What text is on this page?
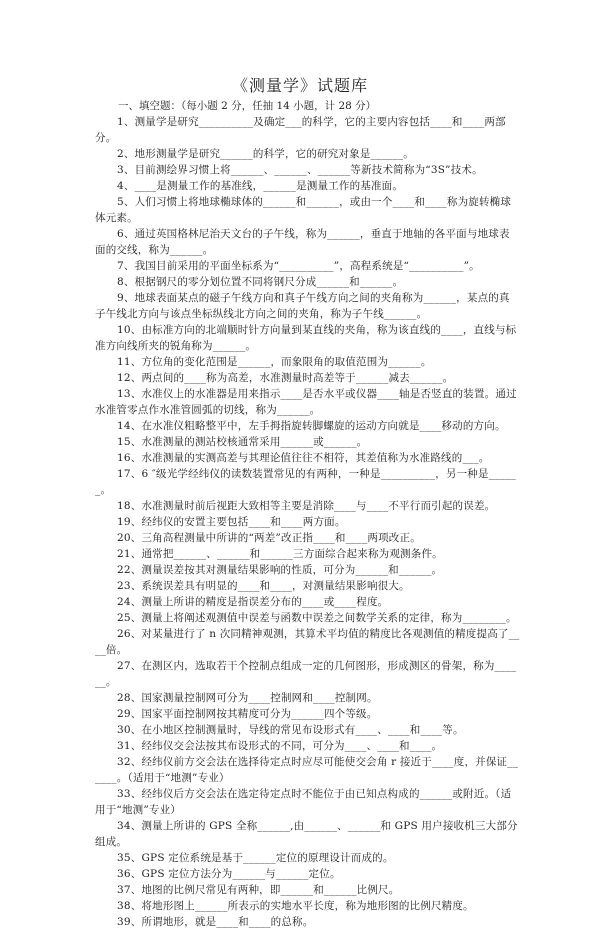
《测量学》试题库
一、填空题：（每小题 2 分，任抽 14 小题，计 28 分）

1、测量学是研究__________及确定___的科学，它的主要内容包括____和____两部分。

2、地形测量学是研究______的科学，它的研究对象是______。

3、目前测绘界习惯上将______、______、______等新技术简称为“3S”技术。

4、____是测量工作的基准线，______是测量工作的基准面。

5、人们习惯上将地球椭球体的______和______，或由一个____和____称为旋转椭球体元素。

6、通过英国格林尼治天文台的子午线，称为______，垂直于地轴的各平面与地球表面的交线，称为______。

7、我国目前采用的平面坐标系为“__________”，高程系统是“__________”。

8、根据钢尺的零分划位置不同将钢尺分成______和______。

9、地球表面某点的磁子午线方向和真子午线方向之间的夹角称为______，某点的真子午线北方向与该点坐标纵线北方向之间的夹角，称为子午线______。

10、由标准方向的北端顺时针方向量到某直线的夹角，称为该直线的____，直线与标准方向线所夹的锐角称为______。

11、方位角的变化范围是______，而象限角的取值范围为______。

12、两点间的____称为高差，水准测量时高差等于______减去______。

13、水准仪上的水准器是用来指示____是否水平或仪器____轴是否竖直的装置。通过水准管零点作水准管圆弧的切线，称为______。

14、在水准仪粗略整平中，左手拇指旋转脚螺旋的运动方向就是____移动的方向。

15、水准测量的测站校核通常采用______或______。

16、水准测量的实测高差与其理论值往往不相符，其差值称为水准路线的___。

17、6 ″级光学经纬仪的读数装置常见的有两种，一种是__________，另一种是______。

18、水准测量时前后视距大致相等主要是消除____与____不平行而引起的误差。

19、经纬仪的安置主要包括____和____两方面。

20、三角高程测量中所讲的“两差”改正指____和____两项改正。

21、通常把______、______和______三方面综合起来称为观测条件。

22、测量误差按其对测量结果影响的性质，可分为______和______。

23、系统误差具有明显的____和____，对测量结果影响很大。

24、测量上所讲的精度是指误差分布的____或____程度。

25、测量上将阐述观测值中误差与函数中误差之间数学关系的定律，称为________。

26、对某量进行了 n 次同精神观测，其算术平均值的精度比各观测值的精度提高了____倍。

27、在测区内，选取若干个控制点组成一定的几何图形，形成测区的骨架，称为______。

28、国家测量控制网可分为____控制网和____控制网。

29、国家平面控制网按其精度可分为______四个等级。

30、在小地区控制测量时，导线的常见布设形式有____、____和____等。

31、经纬仪交会法按其布设形式的不同，可分为____、____和____。

32、经纬仪前方交会法在选择待定点时应尽可能使交会角 r 接近于____度，并保证______。（适用于“地测”专业）

33、经纬仪后方交会法在选定待定点时不能位于由已知点构成的______或附近。（适用于“地测”专业）

34、测量上所讲的 GPS 全称______,由______、______和 GPS 用户接收机三大部分组成。

35、GPS 定位系统是基于______定位的原理设计而成的。

36、GPS 定位方法分为______与______定位。

37、地图的比例尺常见有两种，即______和______比例尺。

38、将地形图上______所表示的实地水平长度，称为地形图的比例尺精度。

39、所谓地形，就是____和____的总称。
